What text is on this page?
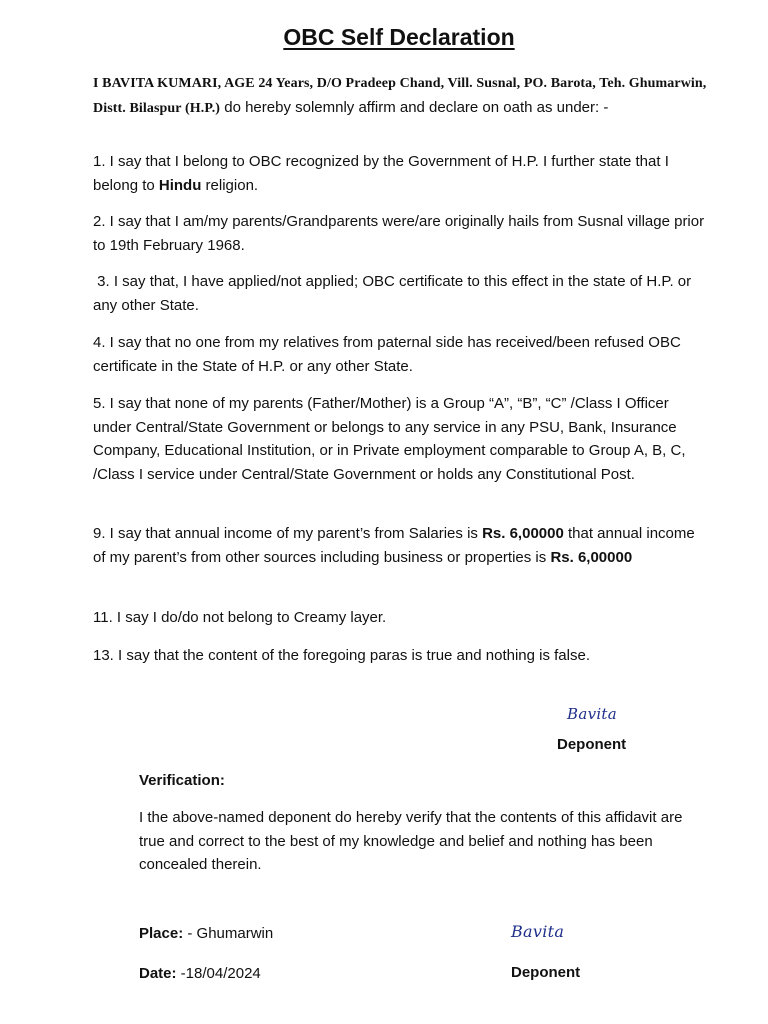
OBC Self Declaration

I BAVITA KUMARI, AGE 24 Years, D/O Pradeep Chand, Vill. Susnal, PO. Barota, Teh. Ghumarwin, Distt. Bilaspur (H.P.) do hereby solemnly affirm and declare on oath as under: -

1. I say that I belong to OBC recognized by the Government of H.P. I further state that I belong to Hindu religion.

2. I say that I am/my parents/Grandparents were/are originally hails from Susnal village prior to 19th February 1968.

3. I say that, I have applied/not applied; OBC certificate to this effect in the state of H.P. or any other State.

4. I say that no one from my relatives from paternal side has received/been refused OBC certificate in the State of H.P. or any other State.

5. I say that none of my parents (Father/Mother) is a Group “A”, “B”, “C” /Class I Officer under Central/State Government or belongs to any service in any PSU, Bank, Insurance Company, Educational Institution, or in Private employment comparable to Group A, B, C, /Class I service under Central/State Government or holds any Constitutional Post.

9. I say that annual income of my parent’s from Salaries is Rs. 6,00000 that annual income of my parent’s from other sources including business or properties is Rs. 6,00000

11. I say I do/do not belong to Creamy layer.

13. I say that the content of the foregoing paras is true and nothing is false.

Bavita
Deponent
Verification:

I the above-named deponent do hereby verify that the contents of this affidavit are true and correct to the best of my knowledge and belief and nothing has been concealed therein.

Place: - Ghumarwin	Bavita
Date: -18/04/2024	Deponent
